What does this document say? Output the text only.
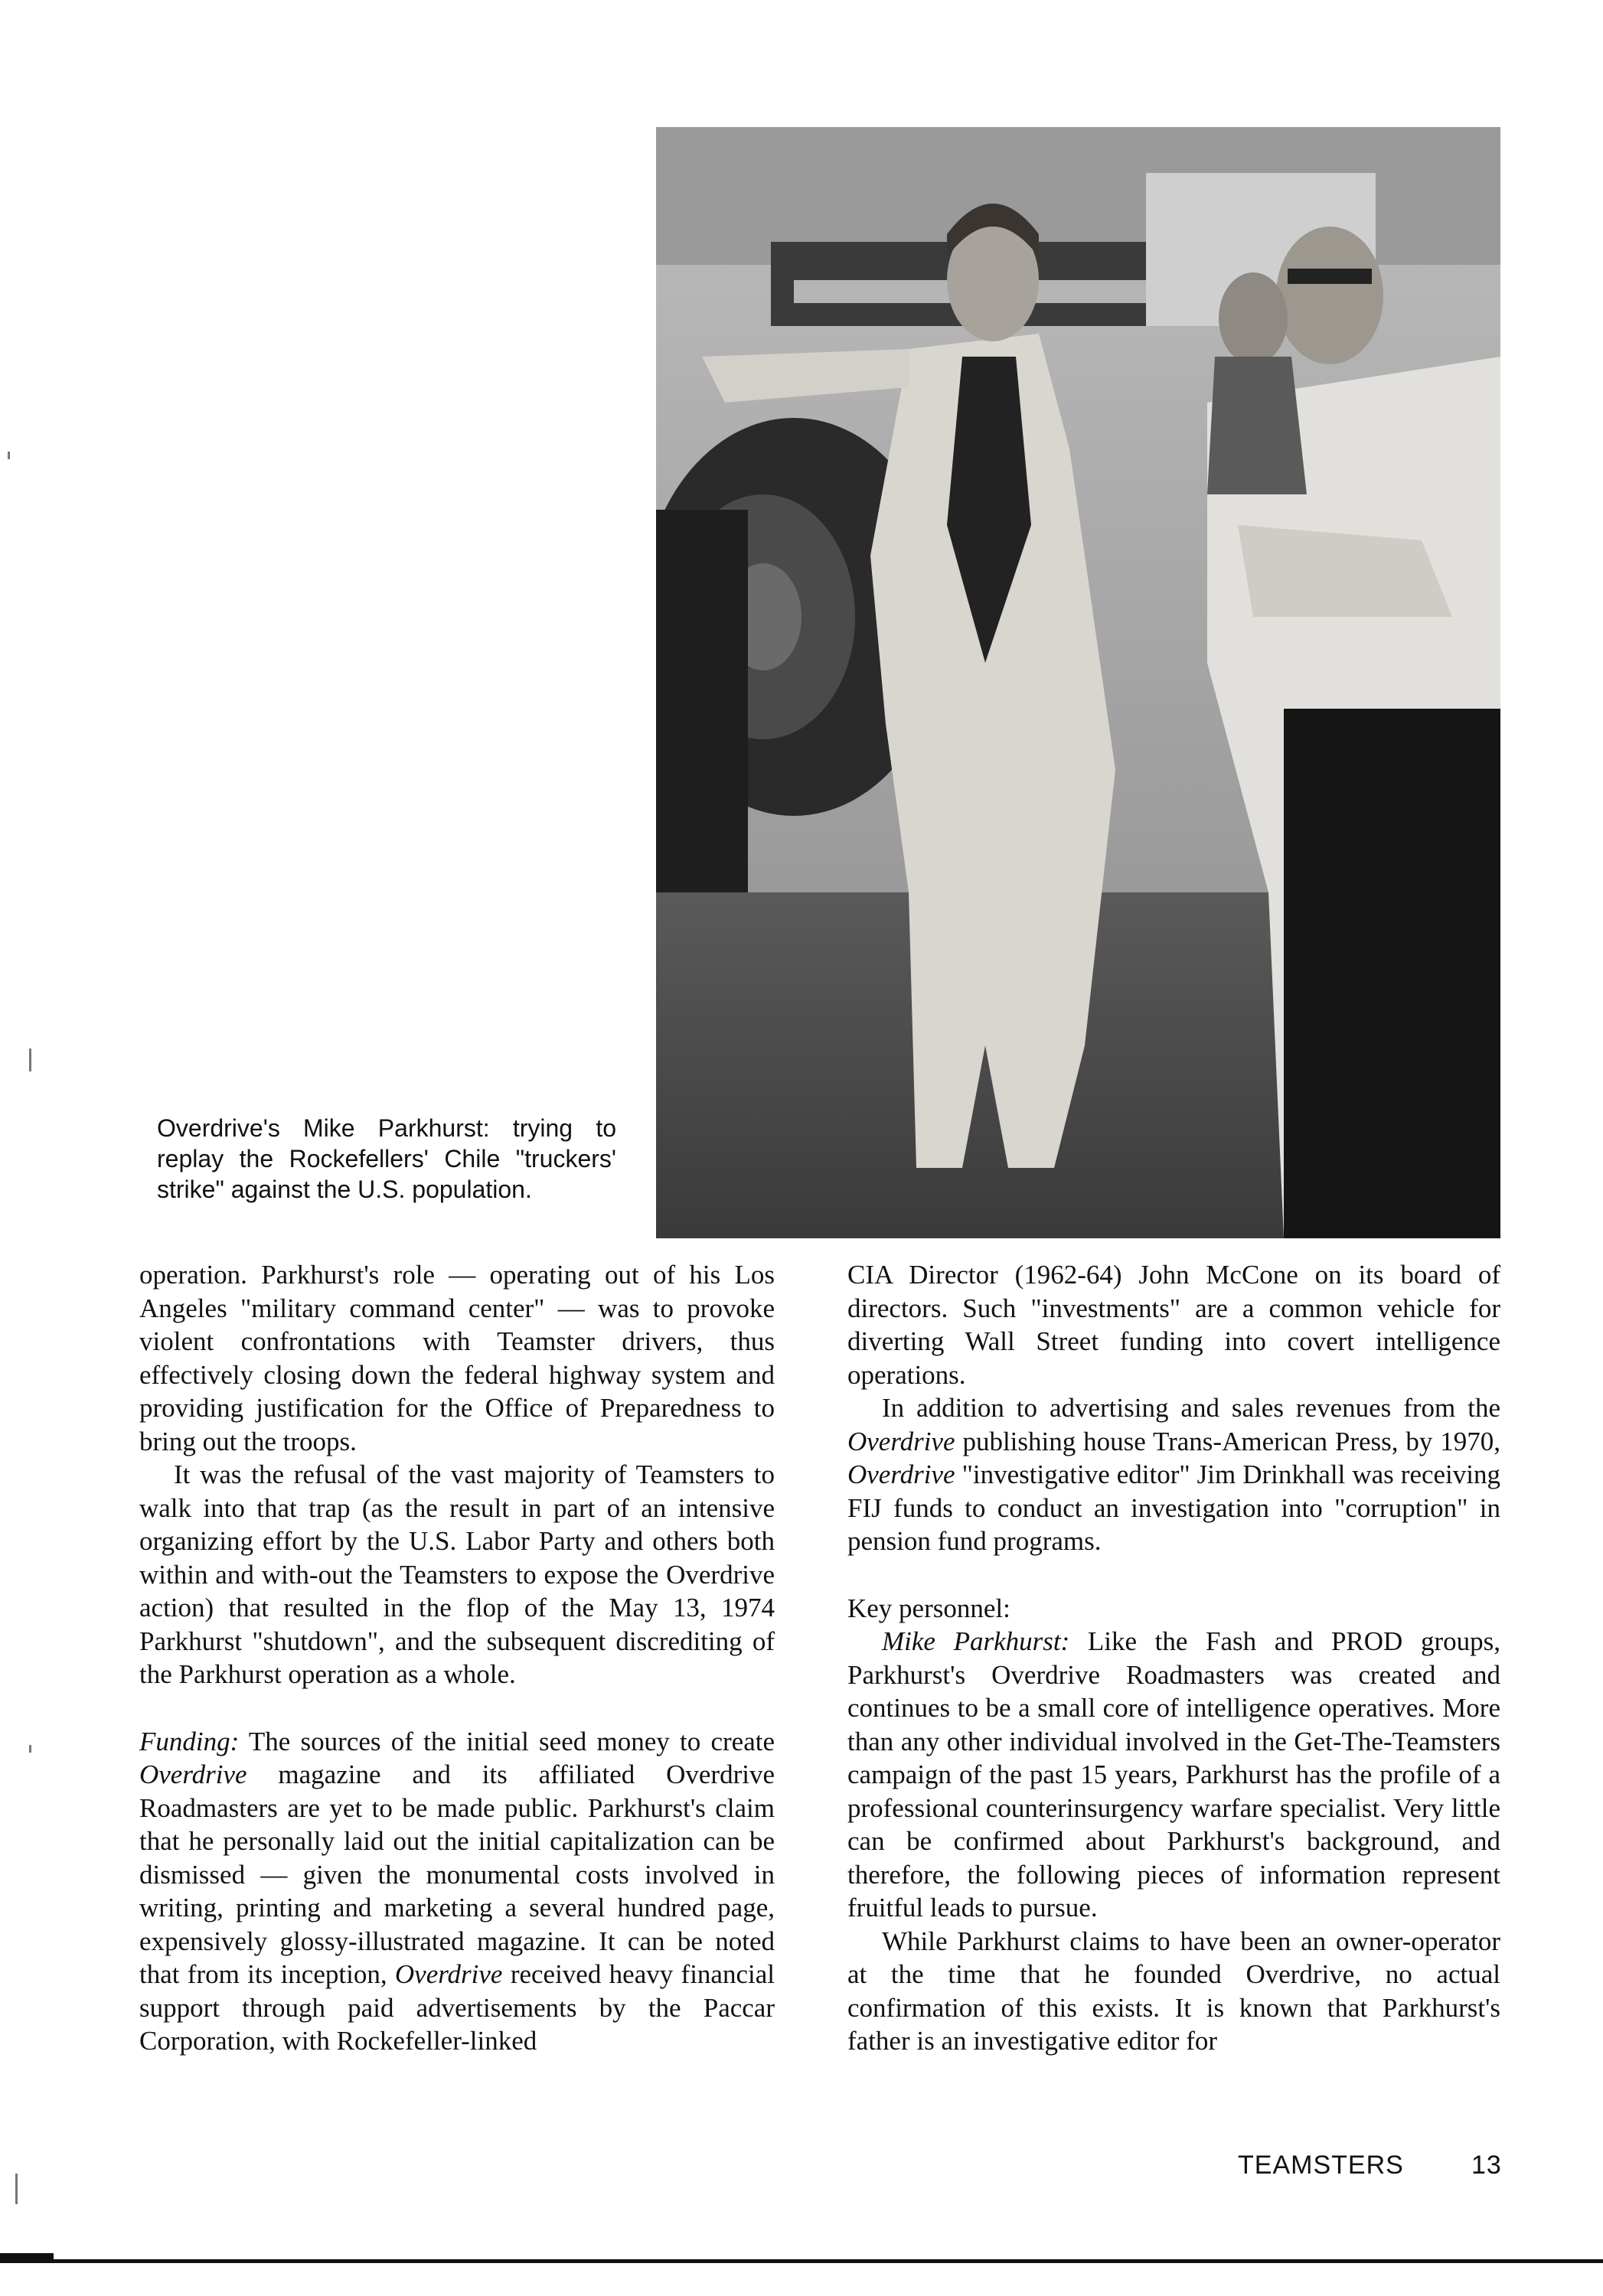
Overdrive's Mike Parkhurst: trying to replay the Rockefellers' Chile "truckers' strike" against the U.S. population.

operation. Parkhurst's role — operating out of his Los Angeles "military command center" — was to provoke violent confrontations with Teamster drivers, thus effectively closing down the federal highway system and providing justification for the Office of Preparedness to bring out the troops.

It was the refusal of the vast majority of Teamsters to walk into that trap (as the result in part of an intensive organizing effort by the U.S. Labor Party and others both within and with-out the Teamsters to expose the Overdrive action) that resulted in the flop of the May 13, 1974 Parkhurst "shutdown", and the subsequent discrediting of the Parkhurst operation as a whole.

Funding: The sources of the initial seed money to create Overdrive magazine and its affiliated Overdrive Roadmasters are yet to be made public. Parkhurst's claim that he personally laid out the initial capitalization can be dismissed — given the monumental costs involved in writing, printing and marketing a several hundred page, expensively glossy-illustrated magazine. It can be noted that from its inception, Overdrive received heavy financial support through paid advertisements by the Paccar Corporation, with Rockefeller-linked

CIA Director (1962-64) John McCone on its board of directors. Such "investments" are a common vehicle for diverting Wall Street funding into covert intelligence operations.

In addition to advertising and sales revenues from the Overdrive publishing house Trans-American Press, by 1970, Overdrive "investigative editor" Jim Drinkhall was receiving FIJ funds to conduct an investigation into "corruption" in pension fund programs.

Key personnel:

Mike Parkhurst: Like the Fash and PROD groups, Parkhurst's Overdrive Roadmasters was created and continues to be a small core of intelligence operatives. More than any other individual involved in the Get-The-Teamsters campaign of the past 15 years, Parkhurst has the profile of a professional counterinsurgency warfare specialist. Very little can be confirmed about Parkhurst's background, and therefore, the following pieces of information represent fruitful leads to pursue.

While Parkhurst claims to have been an owner-operator at the time that he founded Overdrive, no actual confirmation of this exists. It is known that Parkhurst's father is an investigative editor for

TEAMSTERS	13
